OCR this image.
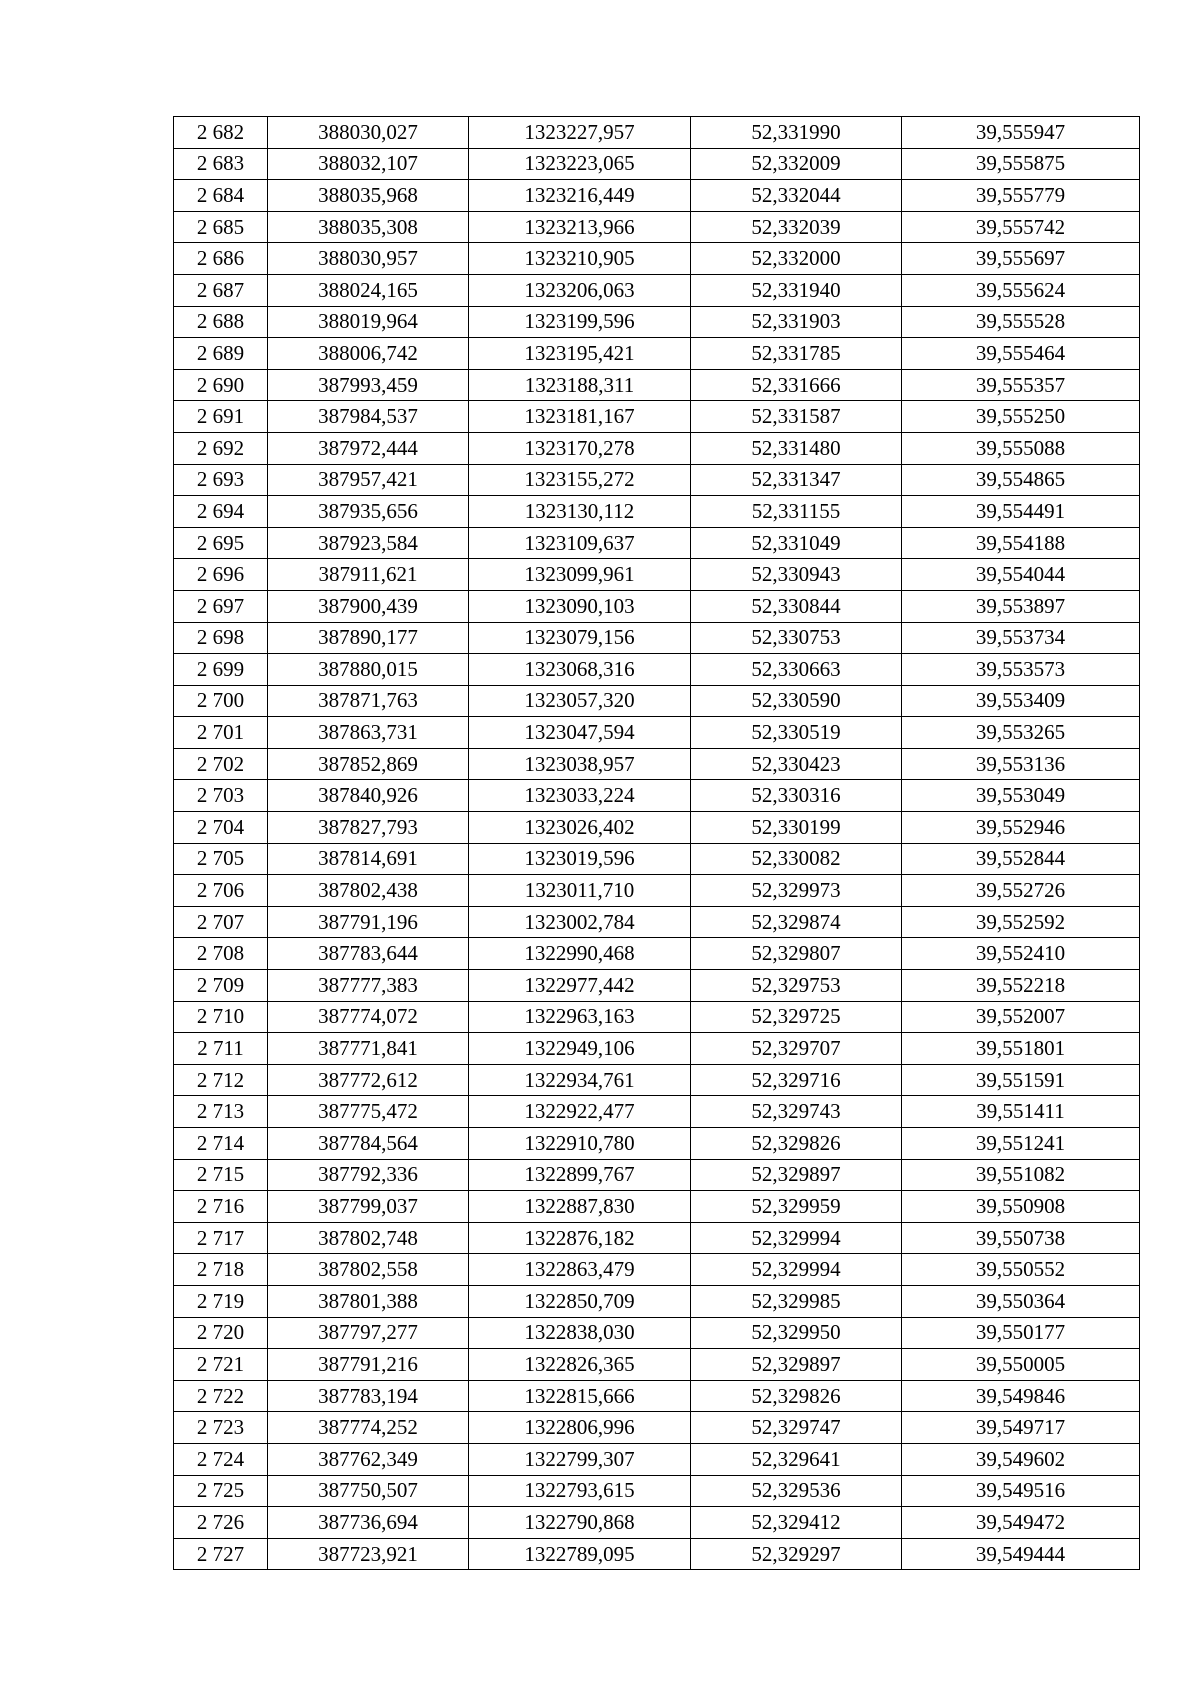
2 682	388030,027	1323227,957	52,331990	39,555947
2 683	388032,107	1323223,065	52,332009	39,555875
2 684	388035,968	1323216,449	52,332044	39,555779
2 685	388035,308	1323213,966	52,332039	39,555742
2 686	388030,957	1323210,905	52,332000	39,555697
2 687	388024,165	1323206,063	52,331940	39,555624
2 688	388019,964	1323199,596	52,331903	39,555528
2 689	388006,742	1323195,421	52,331785	39,555464
2 690	387993,459	1323188,311	52,331666	39,555357
2 691	387984,537	1323181,167	52,331587	39,555250
2 692	387972,444	1323170,278	52,331480	39,555088
2 693	387957,421	1323155,272	52,331347	39,554865
2 694	387935,656	1323130,112	52,331155	39,554491
2 695	387923,584	1323109,637	52,331049	39,554188
2 696	387911,621	1323099,961	52,330943	39,554044
2 697	387900,439	1323090,103	52,330844	39,553897
2 698	387890,177	1323079,156	52,330753	39,553734
2 699	387880,015	1323068,316	52,330663	39,553573
2 700	387871,763	1323057,320	52,330590	39,553409
2 701	387863,731	1323047,594	52,330519	39,553265
2 702	387852,869	1323038,957	52,330423	39,553136
2 703	387840,926	1323033,224	52,330316	39,553049
2 704	387827,793	1323026,402	52,330199	39,552946
2 705	387814,691	1323019,596	52,330082	39,552844
2 706	387802,438	1323011,710	52,329973	39,552726
2 707	387791,196	1323002,784	52,329874	39,552592
2 708	387783,644	1322990,468	52,329807	39,552410
2 709	387777,383	1322977,442	52,329753	39,552218
2 710	387774,072	1322963,163	52,329725	39,552007
2 711	387771,841	1322949,106	52,329707	39,551801
2 712	387772,612	1322934,761	52,329716	39,551591
2 713	387775,472	1322922,477	52,329743	39,551411
2 714	387784,564	1322910,780	52,329826	39,551241
2 715	387792,336	1322899,767	52,329897	39,551082
2 716	387799,037	1322887,830	52,329959	39,550908
2 717	387802,748	1322876,182	52,329994	39,550738
2 718	387802,558	1322863,479	52,329994	39,550552
2 719	387801,388	1322850,709	52,329985	39,550364
2 720	387797,277	1322838,030	52,329950	39,550177
2 721	387791,216	1322826,365	52,329897	39,550005
2 722	387783,194	1322815,666	52,329826	39,549846
2 723	387774,252	1322806,996	52,329747	39,549717
2 724	387762,349	1322799,307	52,329641	39,549602
2 725	387750,507	1322793,615	52,329536	39,549516
2 726	387736,694	1322790,868	52,329412	39,549472
2 727	387723,921	1322789,095	52,329297	39,549444
